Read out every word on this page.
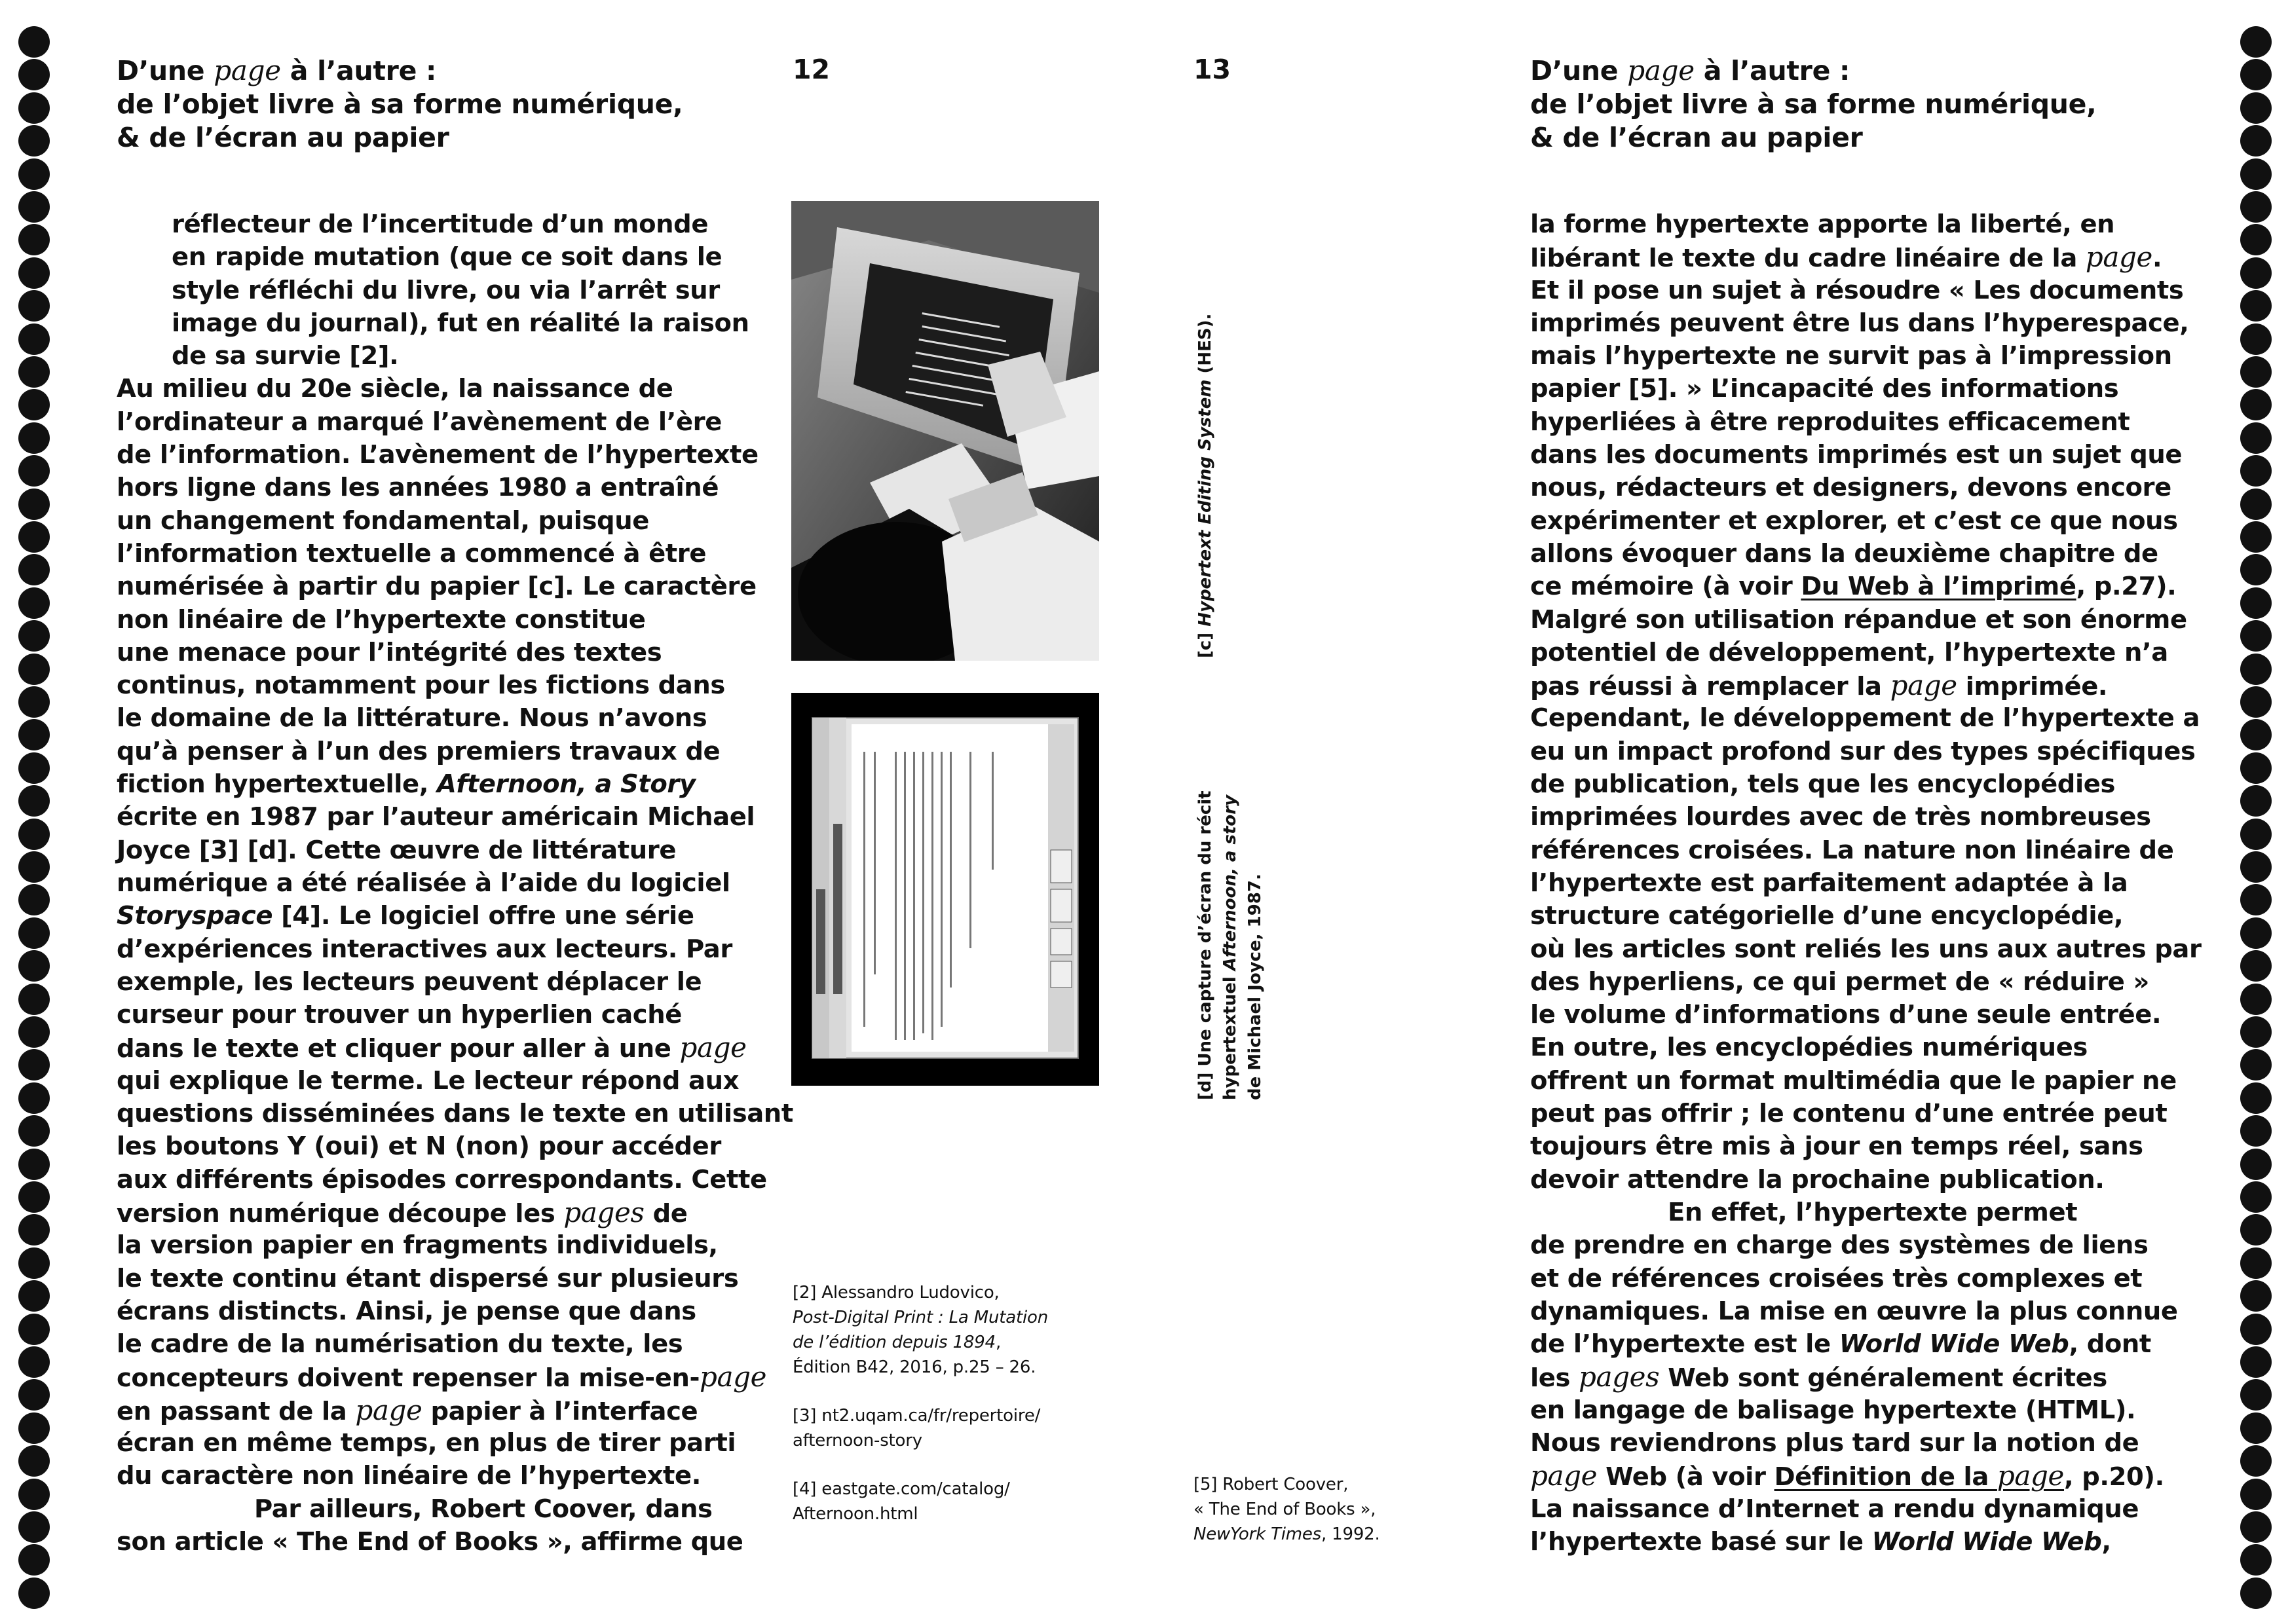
D’une page à l’autre :
de l’objet livre à sa forme numérique,
& de l’écran au papier
D’une page à l’autre :
de l’objet livre à sa forme numérique,
& de l’écran au papier
12	13
réflecteur de l’incertitude d’un monde
en rapide mutation (que ce soit dans le
style réfléchi du livre, ou via l’arrêt sur
image du journal), fut en réalité la raison
de sa survie [2].
Au milieu du 20e siècle, la naissance de
l’ordinateur a marqué l’avènement de l’ère
de l’information. L’avènement de l’hypertexte
hors ligne dans les années 1980 a entraîné
un changement fondamental, puisque
l’information textuelle a commencé à être
numérisée à partir du papier [c]. Le caractère
non linéaire de l’hypertexte constitue
une menace pour l’intégrité des textes
continus, notamment pour les fictions dans
le domaine de la littérature. Nous n’avons
qu’à penser à l’un des premiers travaux de
fiction hypertextuelle, Afternoon, a Story
écrite en 1987 par l’auteur américain Michael
Joyce [3] [d]. Cette œuvre de littérature
numérique a été réalisée à l’aide du logiciel
Storyspace [4]. Le logiciel offre une série
d’expériences interactives aux lecteurs. Par
exemple, les lecteurs peuvent déplacer le
curseur pour trouver un hyperlien caché
dans le texte et cliquer pour aller à une page
qui explique le terme. Le lecteur répond aux
questions disséminées dans le texte en utilisant
les boutons Y (oui) et N (non) pour accéder
aux différents épisodes correspondants. Cette
version numérique découpe les pages de
la version papier en fragments individuels,
le texte continu étant dispersé sur plusieurs
écrans distincts. Ainsi, je pense que dans
le cadre de la numérisation du texte, les
concepteurs doivent repenser la mise-en-page
en passant de la page papier à l’interface
écran en même temps, en plus de tirer parti
du caractère non linéaire de l’hypertexte.
Par ailleurs, Robert Coover, dans
son article « The End of Books », affirme que
[c] Hypertext Editing System (HES).
[d] Une capture d’écran du récit hypertextuel Afternoon, a story de Michael Joyce, 1987.
[2] Alessandro Ludovico,
Post-Digital Print : La Mutation
de l’édition depuis 1894,
Édition B42, 2016, p.25 – 26.
[3] nt2.uqam.ca/fr/repertoire/
afternoon-story
[4] eastgate.com/catalog/
Afternoon.html
[5] Robert Coover,
« The End of Books »,
NewYork Times, 1992.
la forme hypertexte apporte la liberté, en
libérant le texte du cadre linéaire de la page.
Et il pose un sujet à résoudre « Les documents
imprimés peuvent être lus dans l’hyperespace,
mais l’hypertexte ne survit pas à l’impression
papier [5]. » L’incapacité des informations
hyperliées à être reproduites efficacement
dans les documents imprimés est un sujet que
nous, rédacteurs et designers, devons encore
expérimenter et explorer, et c’est ce que nous
allons évoquer dans la deuxième chapitre de
ce mémoire (à voir Du Web à l’imprimé, p.27).
Malgré son utilisation répandue et son énorme
potentiel de développement, l’hypertexte n’a
pas réussi à remplacer la page imprimée.
Cependant, le développement de l’hypertexte a
eu un impact profond sur des types spécifiques
de publication, tels que les encyclopédies
imprimées lourdes avec de très nombreuses
références croisées. La nature non linéaire de
l’hypertexte est parfaitement adaptée à la
structure catégorielle d’une encyclopédie,
où les articles sont reliés les uns aux autres par
des hyperliens, ce qui permet de « réduire »
le volume d’informations d’une seule entrée.
En outre, les encyclopédies numériques
offrent un format multimédia que le papier ne
peut pas offrir ; le contenu d’une entrée peut
toujours être mis à jour en temps réel, sans
devoir attendre la prochaine publication.
En effet, l’hypertexte permet
de prendre en charge des systèmes de liens
et de références croisées très complexes et
dynamiques. La mise en œuvre la plus connue
de l’hypertexte est le World Wide Web, dont
les pages Web sont généralement écrites
en langage de balisage hypertexte (HTML).
Nous reviendrons plus tard sur la notion de
page Web (à voir Définition de la page, p.20).
La naissance d’Internet a rendu dynamique
l’hypertexte basé sur le World Wide Web,
